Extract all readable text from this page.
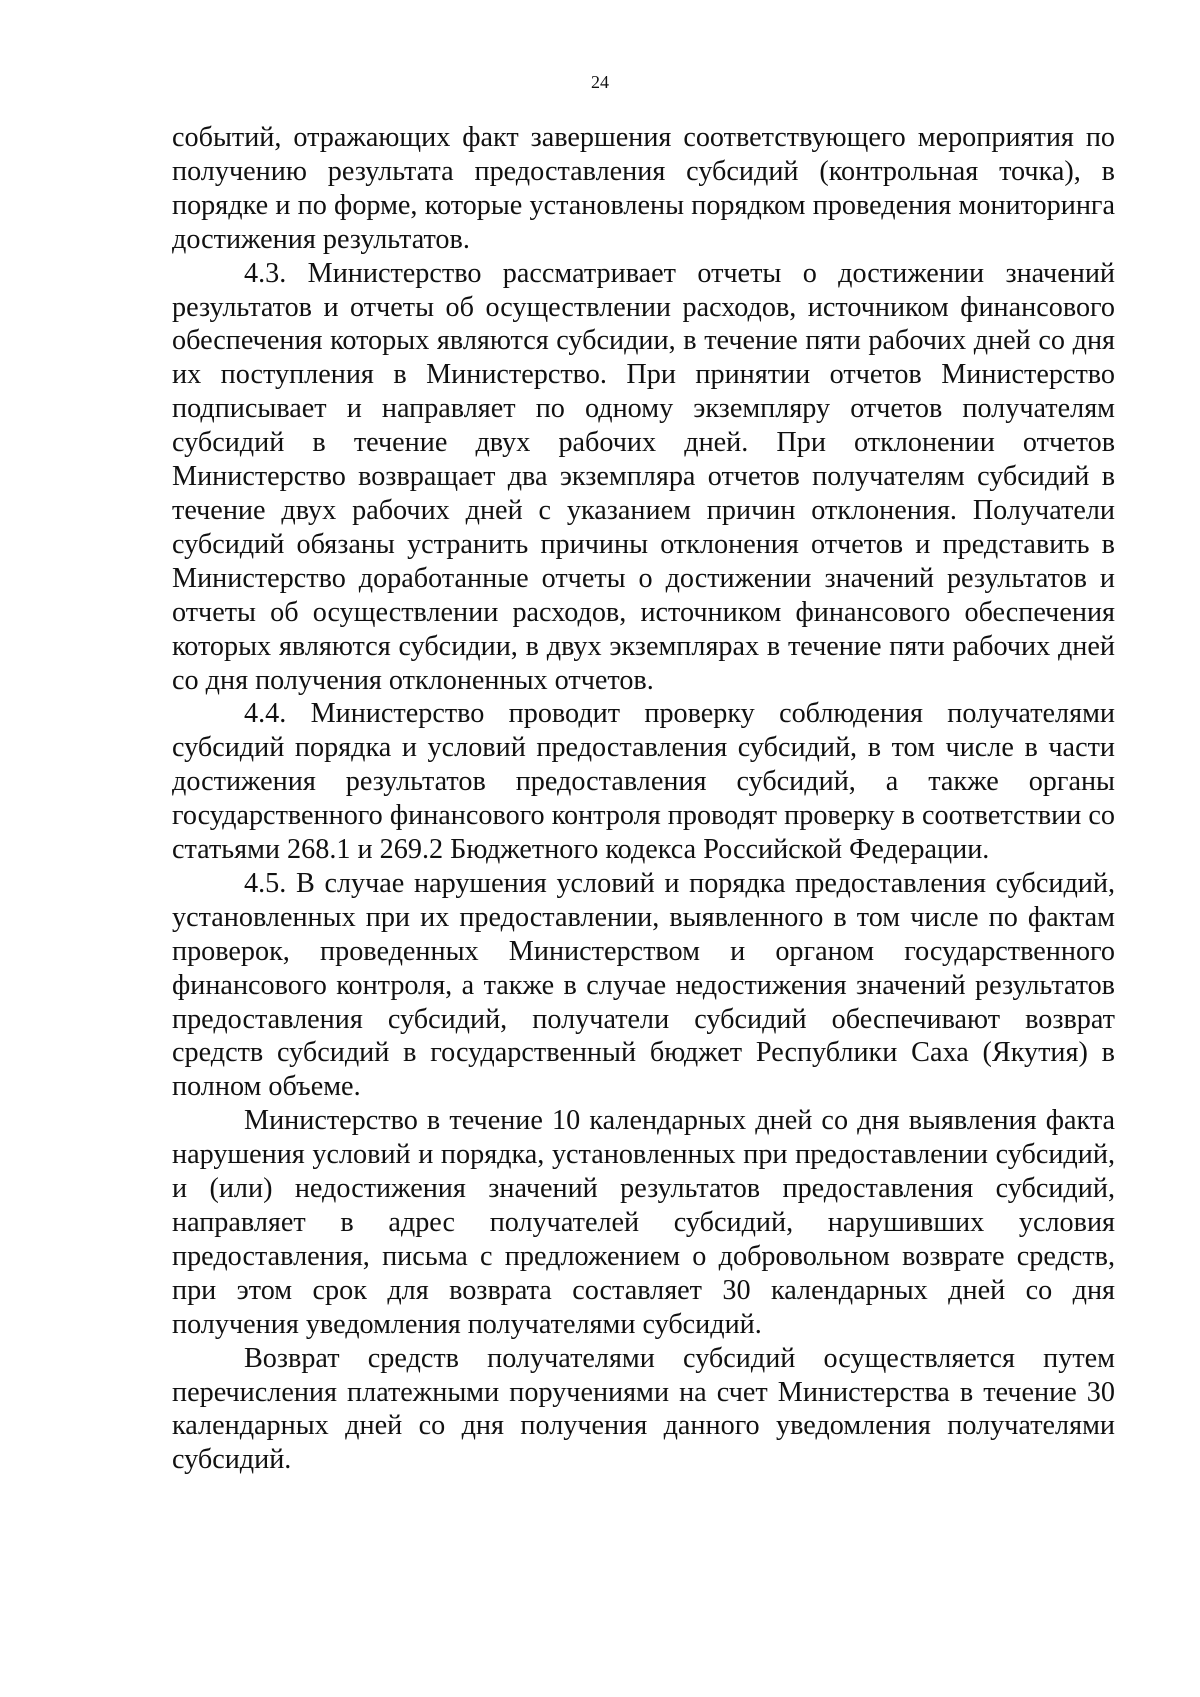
24

событий, отражающих факт завершения соответствующего мероприятия по получению результата предоставления субсидий (контрольная точка), в порядке и по форме, которые установлены порядком проведения мониторинга достижения результатов.

4.3. Министерство рассматривает отчеты о достижении значений результатов и отчеты об осуществлении расходов, источником финансового обеспечения которых являются субсидии, в течение пяти рабочих дней со дня их поступления в Министерство. При принятии отчетов Министерство подписывает и направляет по одному экземпляру отчетов получателям субсидий в течение двух рабочих дней. При отклонении отчетов Министерство возвращает два экземпляра отчетов получателям субсидий в течение двух рабочих дней с указанием причин отклонения. Получатели субсидий обязаны устранить причины отклонения отчетов и представить в Министерство доработанные отчеты о достижении значений результатов и отчеты об осуществлении расходов, источником финансового обеспечения которых являются субсидии, в двух экземплярах в течение пяти рабочих дней со дня получения отклоненных отчетов.

4.4. Министерство проводит проверку соблюдения получателями субсидий порядка и условий предоставления субсидий, в том числе в части достижения результатов предоставления субсидий, а также органы государственного финансового контроля проводят проверку в соответствии со статьями 268.1 и 269.2 Бюджетного кодекса Российской Федерации.

4.5. В случае нарушения условий и порядка предоставления субсидий, установленных при их предоставлении, выявленного в том числе по фактам проверок, проведенных Министерством и органом государственного финансового контроля, а также в случае недостижения значений результатов предоставления субсидий, получатели субсидий обеспечивают возврат средств субсидий в государственный бюджет Республики Саха (Якутия) в полном объеме.

Министерство в течение 10 календарных дней со дня выявления факта нарушения условий и порядка, установленных при предоставлении субсидий, и (или) недостижения значений результатов предоставления субсидий, направляет в адрес получателей субсидий, нарушивших условия предоставления, письма с предложением о добровольном возврате средств, при этом срок для возврата составляет 30 календарных дней со дня получения уведомления получателями субсидий.

Возврат средств получателями субсидий осуществляется путем перечисления платежными поручениями на счет Министерства в течение 30 календарных дней со дня получения данного уведомления получателями субсидий.
